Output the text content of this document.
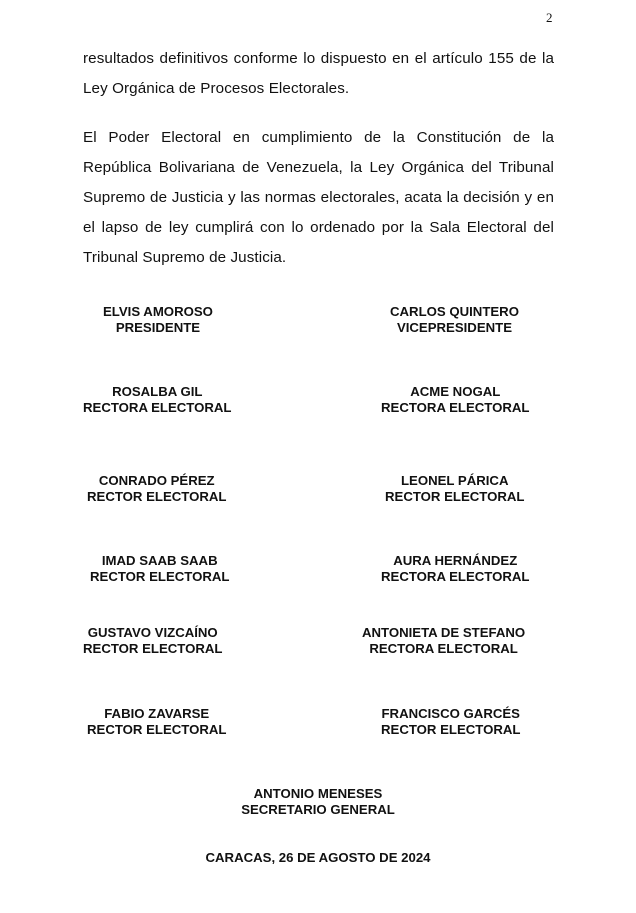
2

resultados definitivos conforme lo dispuesto en el artículo 155 de la Ley Orgánica de Procesos Electorales.

El Poder Electoral en cumplimiento de la Constitución de la República Bolivariana de Venezuela, la Ley Orgánica del Tribunal Supremo de Justicia y las normas electorales, acata la decisión y en el lapso de ley cumplirá con lo ordenado por la Sala Electoral del Tribunal Supremo de Justicia.

ELVIS AMOROSO
PRESIDENTE
CARLOS QUINTERO
VICEPRESIDENTE
ROSALBA GIL
RECTORA ELECTORAL
ACME NOGAL
RECTORA ELECTORAL
CONRADO PÉREZ
RECTOR ELECTORAL
LEONEL PÁRICA
RECTOR ELECTORAL
IMAD SAAB SAAB
RECTOR ELECTORAL
AURA HERNÁNDEZ
RECTORA ELECTORAL
GUSTAVO VIZCAÍNO
RECTOR ELECTORAL
ANTONIETA DE STEFANO
RECTORA ELECTORAL
FABIO ZAVARSE
RECTOR ELECTORAL
FRANCISCO GARCÉS
RECTOR ELECTORAL
ANTONIO MENESES
SECRETARIO GENERAL
CARACAS, 26 DE AGOSTO DE 2024
